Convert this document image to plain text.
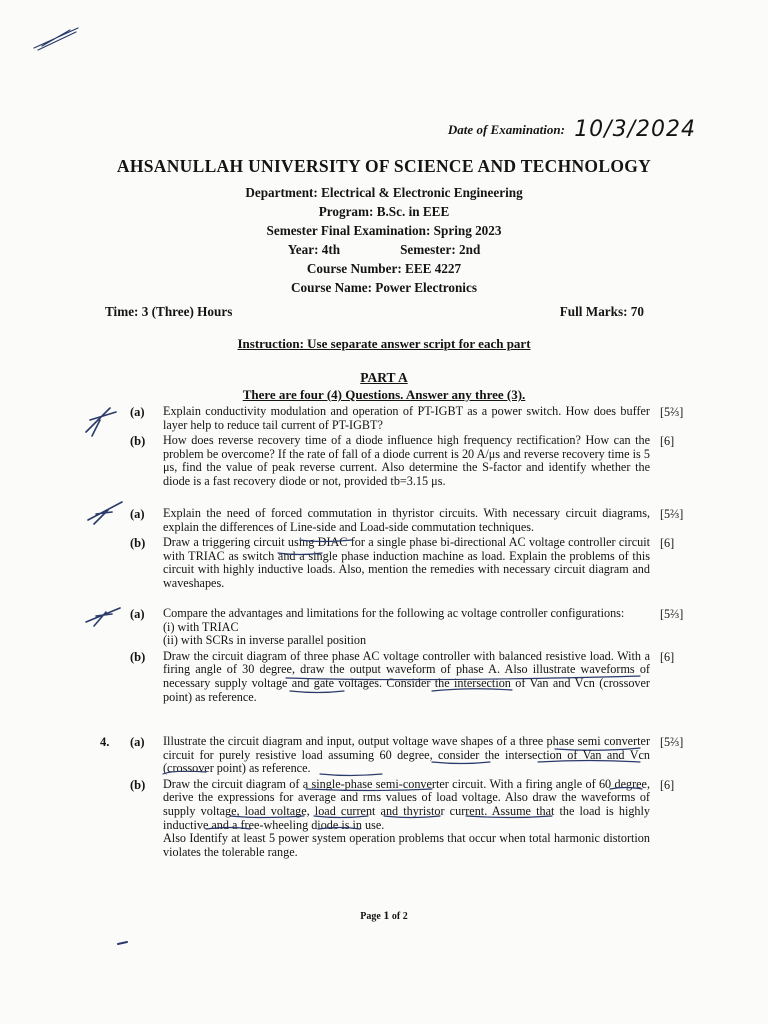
Date of Examination: 10/3/2024
AHSANULLAH UNIVERSITY OF SCIENCE AND TECHNOLOGY
Department: Electrical & Electronic Engineering
Program: B.Sc. in EEE
Semester Final Examination: Spring 2023
Year: 4th	Semester: 2nd
Course Number: EEE 4227
Course Name: Power Electronics
Time: 3 (Three) Hours	Full Marks: 70
Instruction: Use separate answer script for each part
PART A
There are four (4) Questions. Answer any three (3).
(a) Explain conductivity modulation and operation of PT-IGBT as a power switch. How does buffer layer help to reduce tail current of PT-IGBT?
[5⅔]
(b) How does reverse recovery time of a diode influence high frequency rectification? How can the problem be overcome? If the rate of fall of a diode current is 20 A/μs and reverse recovery time is 5 μs, find the value of peak reverse current. Also determine the S-factor and identify whether the diode is a fast recovery diode or not, provided tb=3.15 μs.
[6]
(a) Explain the need of forced commutation in thyristor circuits. With necessary circuit diagrams, explain the differences of Line-side and Load-side commutation techniques.
[5⅔]
(b) Draw a triggering circuit using DIAC for a single phase bi-directional AC voltage controller circuit with TRIAC as switch and a single phase induction machine as load. Explain the problems of this circuit with highly inductive loads. Also, mention the remedies with necessary circuit diagram and waveshapes.
[6]
(a) Compare the advantages and limitations for the following ac voltage controller configurations:
(i) with TRIAC
(ii) with SCRs in inverse parallel position
[5⅔]
(b) Draw the circuit diagram of three phase AC voltage controller with balanced resistive load. With a firing angle of 30 degree, draw the output waveform of phase A. Also illustrate waveforms of necessary supply voltage and gate voltages. Consider the intersection of Van and Vcn (crossover point) as reference.
[6]
4. (a) Illustrate the circuit diagram and input, output voltage wave shapes of a three phase semi converter circuit for purely resistive load assuming 60 degree, consider the intersection of Van and Vcn (crossover point) as reference.
[5⅔]
(b) Draw the circuit diagram of a single-phase semi-converter circuit. With a firing angle of 60 degree, derive the expressions for average and rms values of load voltage. Also draw the waveforms of supply voltage, load voltage, load current and thyristor current. Assume that the load is highly inductive and a free-wheeling diode is in use.
Also Identify at least 5 power system operation problems that occur when total harmonic distortion violates the tolerable range.
[6]
Page 1 of 2
